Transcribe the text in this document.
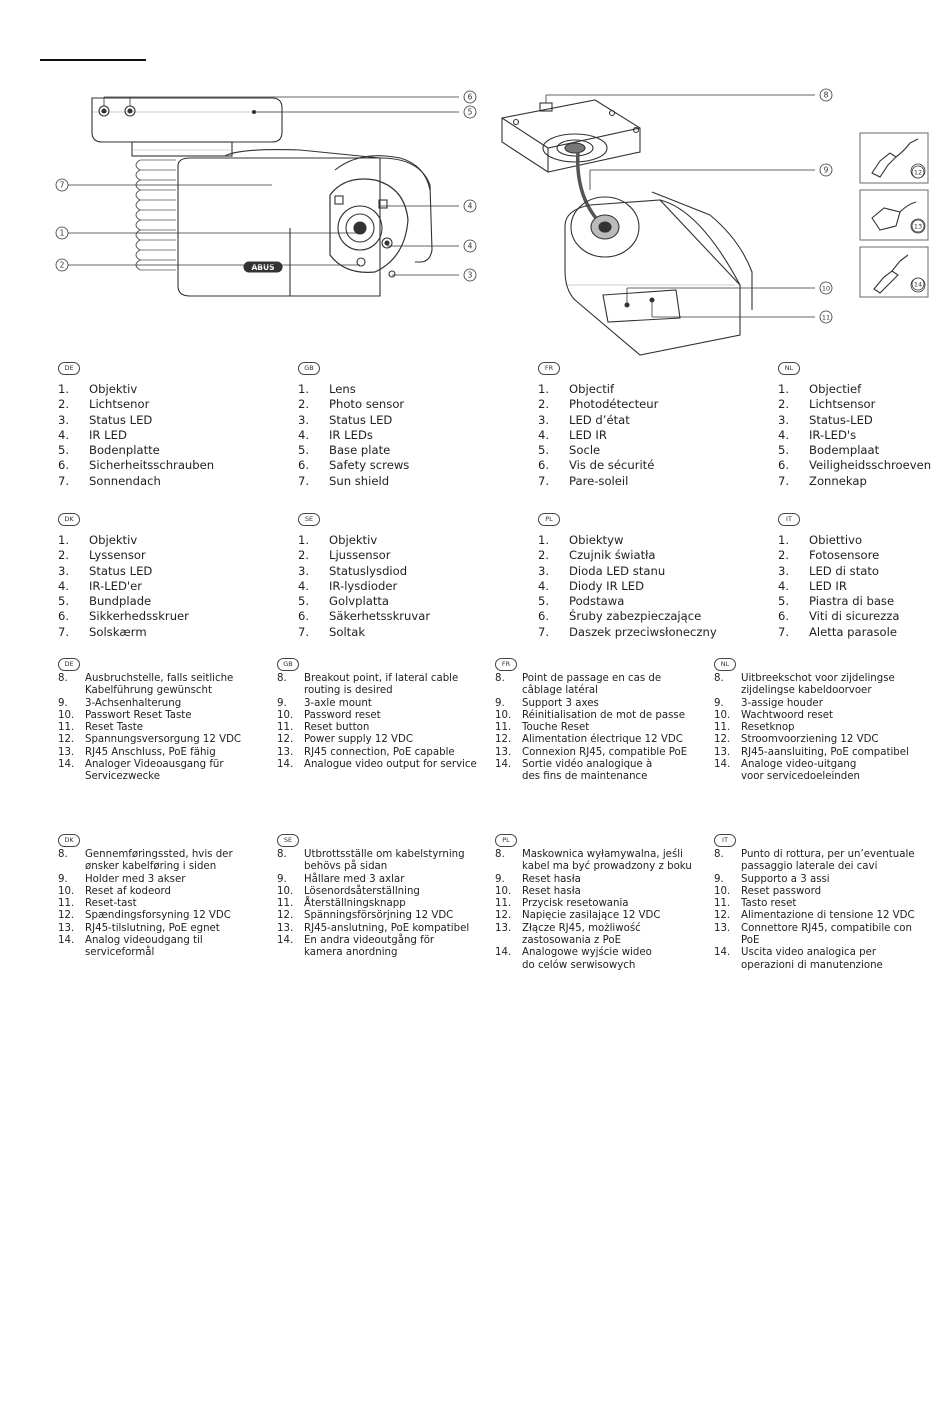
ABUS
1
2
3
4
4
5
6
7
8
9
10
11
12
13
14
DE
1. Objektiv
2. Lichtsenor
3. Status LED
4. IR LED
5. Bodenplatte
6. Sicherheitsschrauben
7. Sonnendach
GB
1. Lens
2. Photo sensor
3. Status LED
4. IR LEDs
5. Base plate
6. Safety screws
7. Sun shield
FR
1. Objectif
2. Photodétecteur
3. LED d’état
4. LED IR
5. Socle
6. Vis de sécurité
7. Pare-soleil
NL
1. Objectief
2. Lichtsensor
3. Status-LED
4. IR-LED's
5. Bodemplaat
6. Veiligheidsschroeven
7. Zonnekap
DK
1. Objektiv
2. Lyssensor
3. Status LED
4. IR-LED'er
5. Bundplade
6. Sikkerhedsskruer
7. Solskærm
SE
1. Objektiv
2. Ljussensor
3. Statuslysdiod
4. IR-lysdioder
5. Golvplatta
6. Säkerhetsskruvar
7. Soltak
PL
1. Obiektyw
2. Czujnik światła
3. Dioda LED stanu
4. Diody IR LED
5. Podstawa
6. Śruby zabezpieczające
7. Daszek przeciwsłoneczny
IT
1. Obiettivo
2. Fotosensore
3. LED di stato
4. LED IR
5. Piastra di base
6. Viti di sicurezza
7. Aletta parasole
DE
8. Ausbruchstelle, falls seitliche
Kabelführung gewünscht
9. 3-Achsenhalterung
10. Passwort Reset Taste
11. Reset Taste
12. Spannungsversorgung 12 VDC
13. RJ45 Anschluss, PoE fähig
14. Analoger Videoausgang für
Servicezwecke
GB
8. Breakout point, if lateral cable
routing is desired
9. 3-axle mount
10. Password reset
11. Reset button
12. Power supply 12 VDC
13. RJ45 connection, PoE capable
14. Analogue video output for service
FR
8. Point de passage en cas de
câblage latéral
9. Support 3 axes
10. Réinitialisation de mot de passe
11. Touche Reset
12. Alimentation électrique 12 VDC
13. Connexion RJ45, compatible PoE
14. Sortie vidéo analogique à
des fins de maintenance
NL
8. Uitbreekschot voor zijdelingse
zijdelingse kabeldoorvoer
9. 3-assige houder
10. Wachtwoord reset
11. Resetknop
12. Stroomvoorziening 12 VDC
13. RJ45-aansluiting, PoE compatibel
14. Analoge video-uitgang
voor servicedoeleinden
DK
8. Gennemføringssted, hvis der
ønsker kabelføring i siden
9. Holder med 3 akser
10. Reset af kodeord
11. Reset-tast
12. Spændingsforsyning 12 VDC
13. RJ45-tilslutning, PoE egnet
14. Analog videoudgang til serviceformål
SE
8. Utbrottsställe om kabelstyrning
behövs på sidan
9. Hållare med 3 axlar
10. Lösenordsåterställning
11. Återställningsknapp
12. Spänningsförsörjning 12 VDC
13. RJ45-anslutning, PoE kompatibel
14. En andra videoutgång för
kamera anordning
PL
8. Maskownica wyłamywalna, jeśli
kabel ma być prowadzony z boku
9. Reset hasła
10. Reset hasła
11. Przycisk resetowania
12. Napięcie zasilające 12 VDC
13. Złącze RJ45, możliwość
zastosowania z PoE
14. Analogowe wyjście wideo
do celów serwisowych
IT
8. Punto di rottura, per un’eventuale
passaggio laterale dei cavi
9. Supporto a 3 assi
10. Reset password
11. Tasto reset
12. Alimentazione di tensione 12 VDC
13. Connettore RJ45, compatibile con PoE
14. Uscita video analogica per
operazioni di manutenzione
